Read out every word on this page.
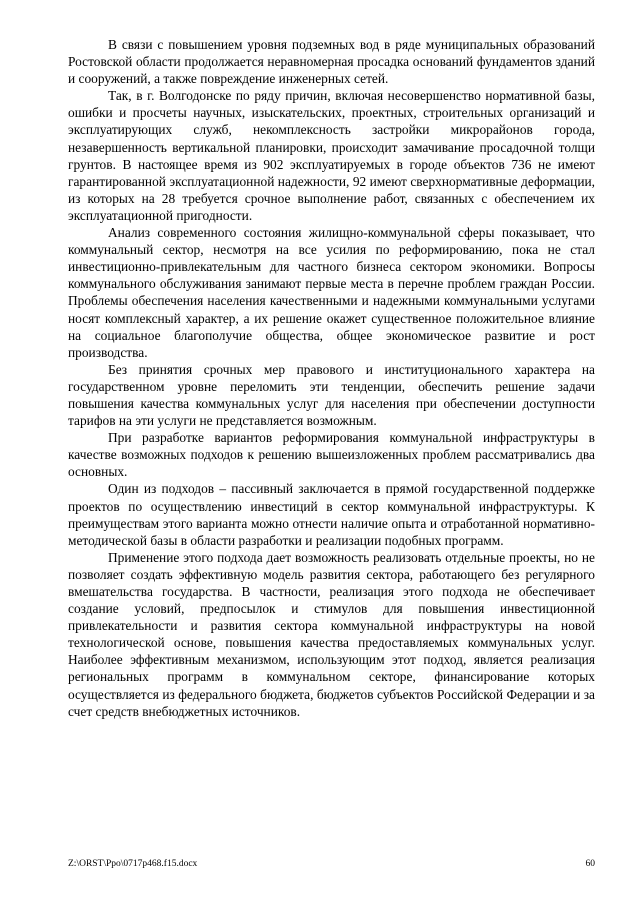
В связи с повышением уровня подземных вод в ряде муниципальных образований Ростовской области продолжается неравномерная просадка оснований фундаментов зданий и сооружений, а также повреждение инженерных сетей.

Так, в г. Волгодонске по ряду причин, включая несовершенство нормативной базы, ошибки и просчеты научных, изыскательских, проектных, строительных организаций и эксплуатирующих служб, некомплексность застройки микрорайонов города, незавершенность вертикальной планировки, происходит замачивание просадочной толщи грунтов. В настоящее время из 902 эксплуатируемых в городе объектов 736 не имеют гарантированной эксплуатационной надежности, 92 имеют сверхнормативные деформации, из которых на 28 требуется срочное выполнение работ, связанных с обеспечением их эксплуатационной пригодности.

Анализ современного состояния жилищно-коммунальной сферы показывает, что коммунальный сектор, несмотря на все усилия по реформированию, пока не стал инвестиционно-привлекательным для частного бизнеса сектором экономики. Вопросы коммунального обслуживания занимают первые места в перечне проблем граждан России. Проблемы обеспечения населения качественными и надежными коммунальными услугами носят комплексный характер, а их решение окажет существенное положительное влияние на социальное благополучие общества, общее экономическое развитие и рост производства.

Без принятия срочных мер правового и институционального характера на государственном уровне переломить эти тенденции, обеспечить решение задачи повышения качества коммунальных услуг для населения при обеспечении доступности тарифов на эти услуги не представляется возможным.

При разработке вариантов реформирования коммунальной инфраструктуры в качестве возможных подходов к решению вышеизложенных проблем рассматривались два основных.

Один из подходов – пассивный заключается в прямой государственной поддержке проектов по осуществлению инвестиций в сектор коммунальной инфраструктуры. К преимуществам этого варианта можно отнести наличие опыта и отработанной нормативно-методической базы в области разработки и реализации подобных программ.

Применение этого подхода дает возможность реализовать отдельные проекты, но не позволяет создать эффективную модель развития сектора, работающего без регулярного вмешательства государства. В частности, реализация этого подхода не обеспечивает создание условий, предпосылок и стимулов для повышения инвестиционной привлекательности и развития сектора коммунальной инфраструктуры на новой технологической основе, повышения качества предоставляемых коммунальных услуг. Наиболее эффективным механизмом, использующим этот подход, является реализация региональных программ в коммунальном секторе, финансирование которых осуществляется из федерального бюджета, бюджетов субъектов Российской Федерации и за счет средств внебюджетных источников.

Z:\ORST\Ppo\0717p468.f15.docx	60
